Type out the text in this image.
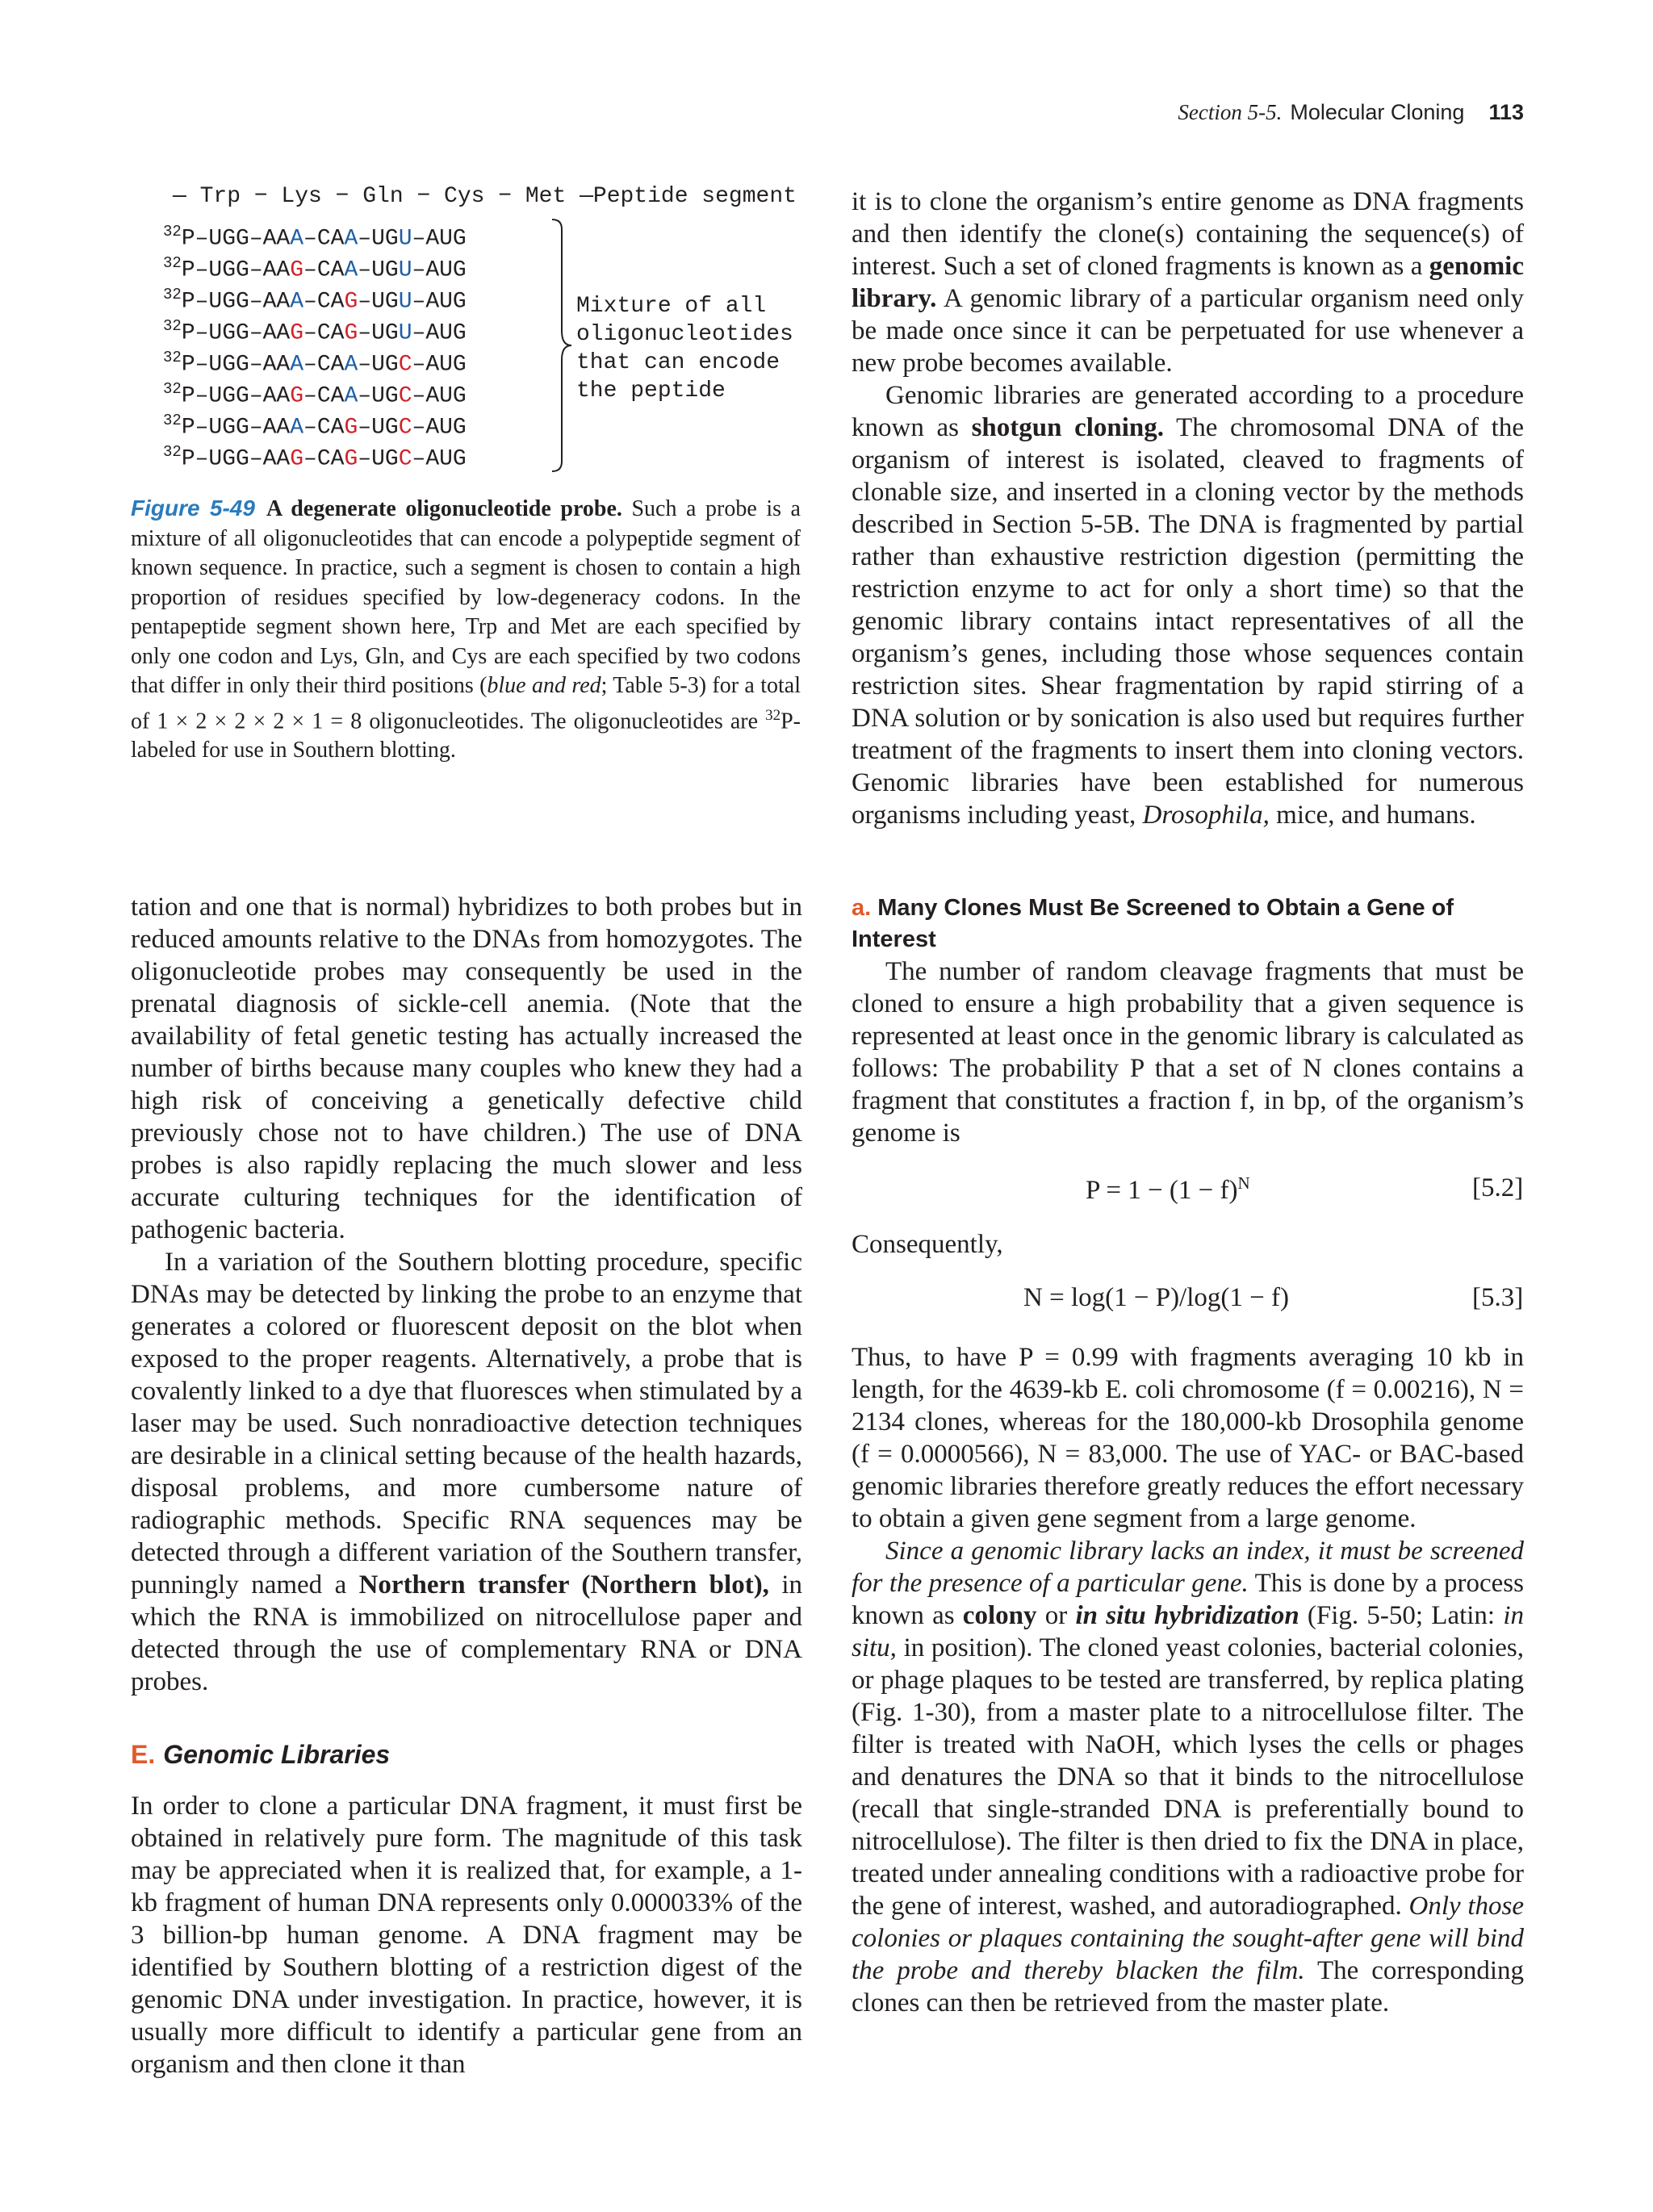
Section 5-5. Molecular Cloning 113
— Trp − Lys − Gln − Cys − Met —Peptide segment
$^{32}$P–UGG–AAA–CAA–UGU–AUG
$^{32}$P–UGG–AAG–CAA–UGU–AUG
$^{32}$P–UGG–AAA–CAG–UGU–AUG
$^{32}$P–UGG–AAG–CAG–UGU–AUG
$^{32}$P–UGG–AAA–CAA–UGC–AUG
$^{32}$P–UGG–AAG–CAA–UGC–AUG
$^{32}$P–UGG–AAA–CAG–UGC–AUG
$^{32}$P–UGG–AAG–CAG–UGC–AUG
Mixture of all
oligonucleotides
that can encode
the peptide
Figure 5-49 A degenerate oligonucleotide probe. Such a probe is a mixture of all oligonucleotides that can encode a polypeptide segment of known sequence. In practice, such a segment is chosen to contain a high proportion of residues specified by low-degeneracy codons. In the pentapeptide segment shown here, Trp and Met are each specified by only one codon and Lys, Gln, and Cys are each specified by two codons that differ in only their third positions (blue and red; Table 5-3) for a total of 1 × 2 × 2 × 2 × 1 = 8 oligonucleotides. The oligonucleotides are $^{32}$P-labeled for use in Southern blotting.

tation and one that is normal) hybridizes to both probes but in reduced amounts relative to the DNAs from homozygotes. The oligonucleotide probes may consequently be used in the prenatal diagnosis of sickle-cell anemia. (Note that the availability of fetal genetic testing has actually increased the number of births because many couples who knew they had a high risk of conceiving a genetically defective child previously chose not to have children.) The use of DNA probes is also rapidly replacing the much slower and less accurate culturing techniques for the identification of pathogenic bacteria.

In a variation of the Southern blotting procedure, specific DNAs may be detected by linking the probe to an enzyme that generates a colored or fluorescent deposit on the blot when exposed to the proper reagents. Alternatively, a probe that is covalently linked to a dye that fluoresces when stimulated by a laser may be used. Such nonradioactive detection techniques are desirable in a clinical setting because of the health hazards, disposal problems, and more cumbersome nature of radiographic methods. Specific RNA sequences may be detected through a different variation of the Southern transfer, punningly named a Northern transfer (Northern blot), in which the RNA is immobilized on nitrocellulose paper and detected through the use of complementary RNA or DNA probes.

E. Genomic Libraries

In order to clone a particular DNA fragment, it must first be obtained in relatively pure form. The magnitude of this task may be appreciated when it is realized that, for example, a 1-kb fragment of human DNA represents only 0.000033% of the 3 billion-bp human genome. A DNA fragment may be identified by Southern blotting of a restriction digest of the genomic DNA under investigation. In practice, however, it is usually more difficult to identify a particular gene from an organism and then clone it than

it is to clone the organism’s entire genome as DNA fragments and then identify the clone(s) containing the sequence(s) of interest. Such a set of cloned fragments is known as a genomic library. A genomic library of a particular organism need only be made once since it can be perpetuated for use whenever a new probe becomes available.

Genomic libraries are generated according to a procedure known as shotgun cloning. The chromosomal DNA of the organism of interest is isolated, cleaved to fragments of clonable size, and inserted in a cloning vector by the methods described in Section 5-5B. The DNA is fragmented by partial rather than exhaustive restriction digestion (permitting the restriction enzyme to act for only a short time) so that the genomic library contains intact representatives of all the organism’s genes, including those whose sequences contain restriction sites. Shear fragmentation by rapid stirring of a DNA solution or by sonication is also used but requires further treatment of the fragments to insert them into cloning vectors. Genomic libraries have been established for numerous organisms including yeast, Drosophila, mice, and humans.

a. Many Clones Must Be Screened to Obtain a Gene of Interest

The number of random cleavage fragments that must be cloned to ensure a high probability that a given sequence is represented at least once in the genomic library is calculated as follows: The probability P that a set of N clones contains a fragment that constitutes a fraction f, in bp, of the organism’s genome is

$P = 1 - (1 - f)^N$	[5.2]
Consequently,
N = log(1 − P)/log(1 − f)	[5.3]

Thus, to have P = 0.99 with fragments averaging 10 kb in length, for the 4639-kb E. coli chromosome (f = 0.00216), N = 2134 clones, whereas for the 180,000-kb Drosophila genome (f = 0.0000566), N = 83,000. The use of YAC- or BAC-based genomic libraries therefore greatly reduces the effort necessary to obtain a given gene segment from a large genome.

Since a genomic library lacks an index, it must be screened for the presence of a particular gene. This is done by a process known as colony or in situ hybridization (Fig. 5-50; Latin: in situ, in position). The cloned yeast colonies, bacterial colonies, or phage plaques to be tested are transferred, by replica plating (Fig. 1-30), from a master plate to a nitrocellulose filter. The filter is treated with NaOH, which lyses the cells or phages and denatures the DNA so that it binds to the nitrocellulose (recall that single-stranded DNA is preferentially bound to nitrocellulose). The filter is then dried to fix the DNA in place, treated under annealing conditions with a radioactive probe for the gene of interest, washed, and autoradiographed. Only those colonies or plaques containing the sought-after gene will bind the probe and thereby blacken the film. The corresponding clones can then be retrieved from the master plate.
